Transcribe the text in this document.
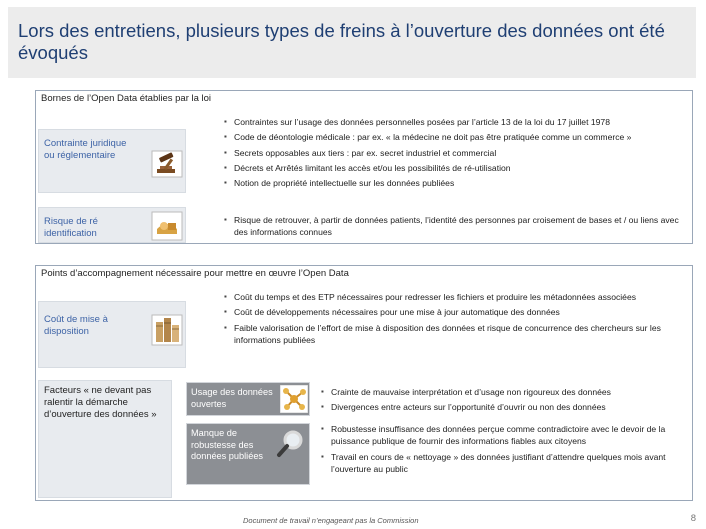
Lors des entretiens, plusieurs types de freins à l’ouverture des données ont été évoqués
Bornes de l’Open Data établies par la loi
Contrainte juridique ou réglementaire
▪ Contraintes sur l’usage des données personnelles posées par l’article 13 de la loi du 17 juillet 1978
▪ Code de déontologie médicale : par ex. « la médecine ne doit pas être pratiquée comme un commerce »
▪ Secrets opposables aux tiers : par ex. secret industriel et commercial
▪ Décrets et Arrêtés limitant les accès et/ou les possibilités de ré-utilisation
▪ Notion de propriété intellectuelle sur les données publiées
Risque de ré identification
▪ Risque de retrouver, à partir de données patients, l’identité des personnes par croisement de bases et / ou liens avec des informations connues
Points d’accompagnement nécessaire pour mettre en œuvre l’Open Data
Coût de mise à disposition
▪ Coût du temps et des ETP nécessaires pour redresser les fichiers et produire les métadonnées associées
▪ Coût de développements nécessaires pour une mise à jour automatique des données
▪ Faible valorisation de l’effort de mise à disposition des données et risque de concurrence des chercheurs sur les informations publiées
Facteurs « ne devant pas ralentir la démarche d’ouverture des données »
Usage des données ouvertes
▪ Crainte de mauvaise interprétation et d’usage non rigoureux des données
▪ Divergences entre acteurs sur l’opportunité d’ouvrir ou non des données
Manque de robustesse des données publiées
▪ Robustesse insuffisance des données perçue comme contradictoire avec le devoir de la puissance publique de fournir des informations fiables aux citoyens
▪ Travail en cours de « nettoyage » des données justifiant d’attendre quelques mois avant l’ouverture au public
Document de travail n’engageant pas la Commission	8
